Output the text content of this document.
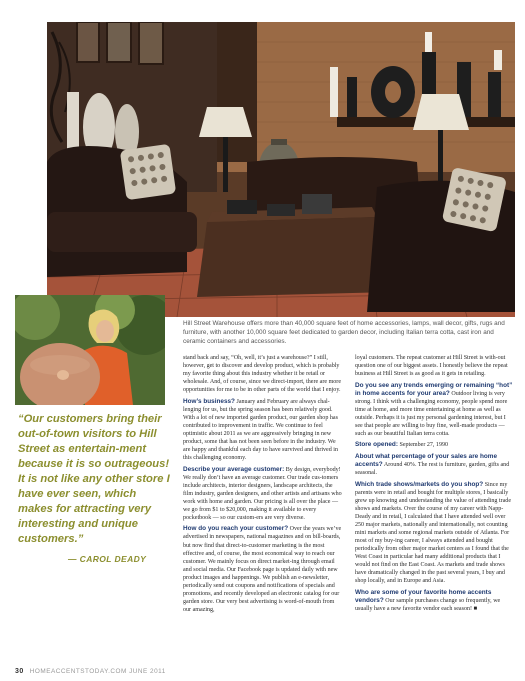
Hill Street Warehouse offers more than 40,000 square feet of home accessories, lamps, wall decor, gifts, rugs and furniture, with another 10,000 square feet dedicated to garden decor, including Italian terra cotta, cast iron and ceramic containers and accessories.
“Our customers bring their out-of-town visitors to Hill Street as entertain-ment because it is so outrageous! It is not like any other store I have ever seen, which makes for attracting very interesting and unique customers.”
— CAROL DEADY

stand back and say, “Oh, well, it’s just a warehouse?” I still, however, get to discover and develop product, which is probably my favorite thing about this industry whether it be retail or wholesale. And, of course, since we direct-import, there are more opportunities for me to be in other parts of the world that I enjoy.

How’s business? January and February are always chal-lenging for us, but the spring season has been relatively good. With a lot of new imported garden product, our garden shop has contributed to improvement in traffic. We continue to feel optimistic about 2011 as we are aggressively bringing in new product, some that has not been seen before in the industry. We are happy and thankful each day to have survived and thrived in this challenging economy.

Describe your average customer: By design, everybody! We really don’t have an average customer. Our trade cus-tomers include architects, interior designers, landscape architects, the film industry, garden designers, and other artists and artisans who work with home and garden. Our pricing is all over the place — we go from $1 to $20,000, making it available to every pocketbook — so our custom-ers are very diverse.

How do you reach your customer? Over the years we’ve advertised in newspapers, national magazines and on bill-boards, but now find that direct-to-customer marketing is the most effective and, of course, the most economical way to reach our customer. We mainly focus on direct market-ing through email and social media. Our Facebook page is updated daily with new product images and happenings. We publish an e-newsletter, periodically send out coupons and notifications of specials and promotions, and recently developed an electronic catalog for our garden store. Our very best advertising is word-of-mouth from our amazing,

loyal customers. The repeat customer at Hill Street is with-out question one of our biggest assets. I honestly believe the repeat business at Hill Street is as good as it gets in retailing.

Do you see any trends emerging or remaining “hot” in home accents for your area? Outdoor living is very strong. I think with a challenging economy, people spend more time at home, and more time entertaining at home as well as outside. Perhaps it is just my personal gardening interest, but I see that people are willing to buy fine, well-made products — such as our beautiful Italian terra cotta.

Store opened: September 27, 1990

About what percentage of your sales are home accents? Around 40%. The rest is furniture, garden, gifts and seasonal.

Which trade shows/markets do you shop? Since my parents were in retail and bought for multiple stores, I basically grew up knowing and understanding the value of attending trade shows and markets. Over the course of my career with Napp-Deady and in retail, I calculated that I have attended well over 250 major markets, nationally and internationally, not counting mini markets and some regional markets outside of Atlanta. For most of my buy-ing career, I always attended and bought periodically from other major market centers as I found that the West Coast in particular had many additional products that I would not find on the East Coast. As markets and trade shows have dramatically changed in the past several years, I buy and shop locally, and in Europe and Asia.

Who are some of your favorite home accents vendors? Our sample purchases change so frequently, we usually have a new favorite vendor each season! ■

30 HOMEACCENTSTODAY.COM JUNE 2011
